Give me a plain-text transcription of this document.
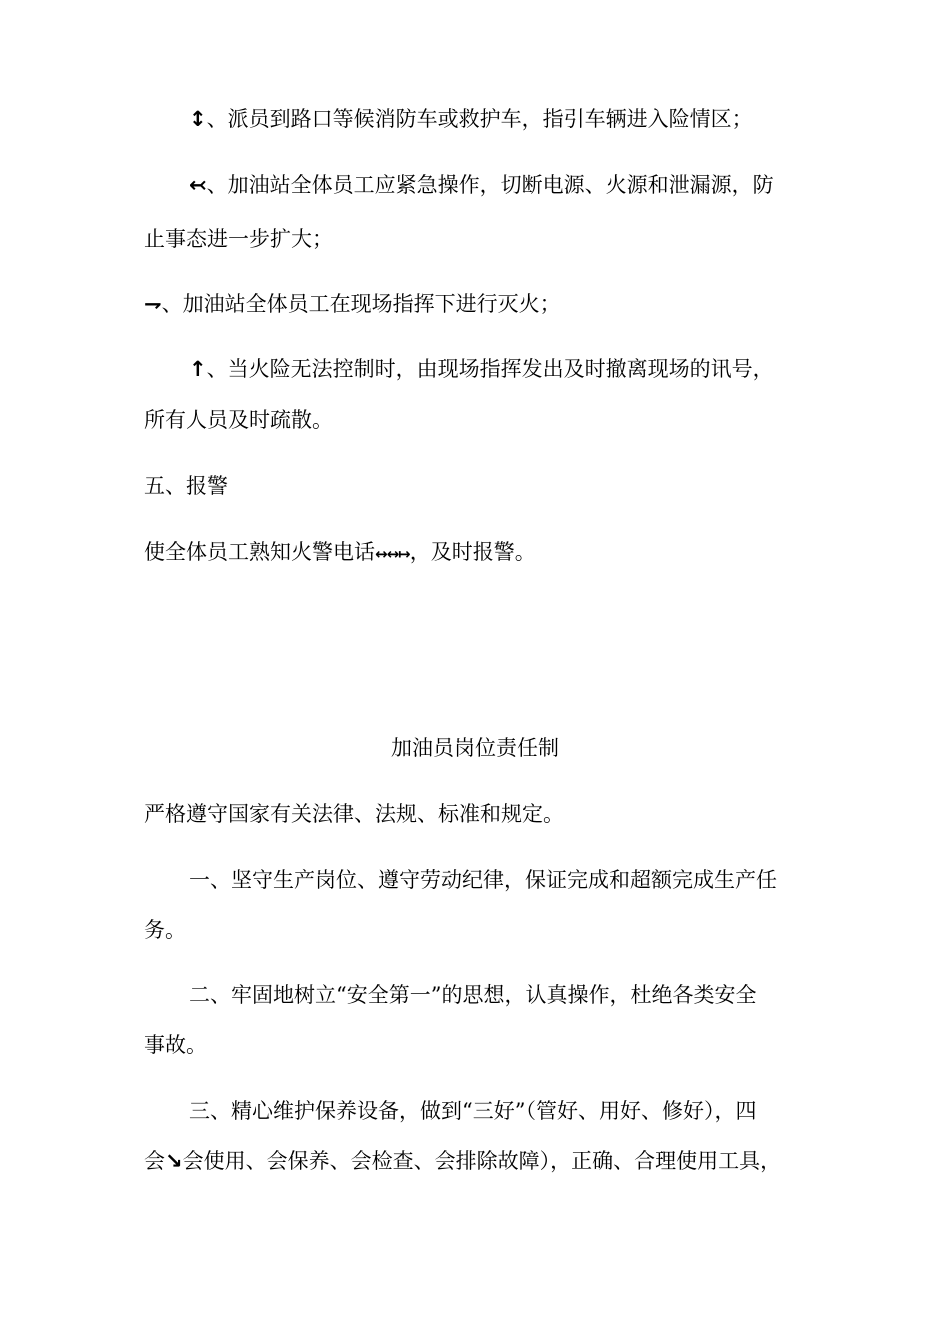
↕、派员到路口等候消防车或救护车，指引车辆进入险情区；
↢、加油站全体员工应紧急操作，切断电源、火源和泄漏源，防
止事态进一步扩大；
⇁、加油站全体员工在现场指挥下进行灭火；
↑、当火险无法控制时，由现场指挥发出及时撤离现场的讯号，
所有人员及时疏散。
五、报警
使全体员工熟知火警电话↔↔↦，及时报警。
加油员岗位责任制
严格遵守国家有关法律、法规、标准和规定。
一、坚守生产岗位、遵守劳动纪律，保证完成和超额完成生产任
务。
二、牢固地树立“安全第一”的思想，认真操作，杜绝各类安全
事故。
三、精心维护保养设备，做到“三好”（管好、用好、修好），四
会↘会使用、会保养、会检查、会排除故障），正确、合理使用工具，
